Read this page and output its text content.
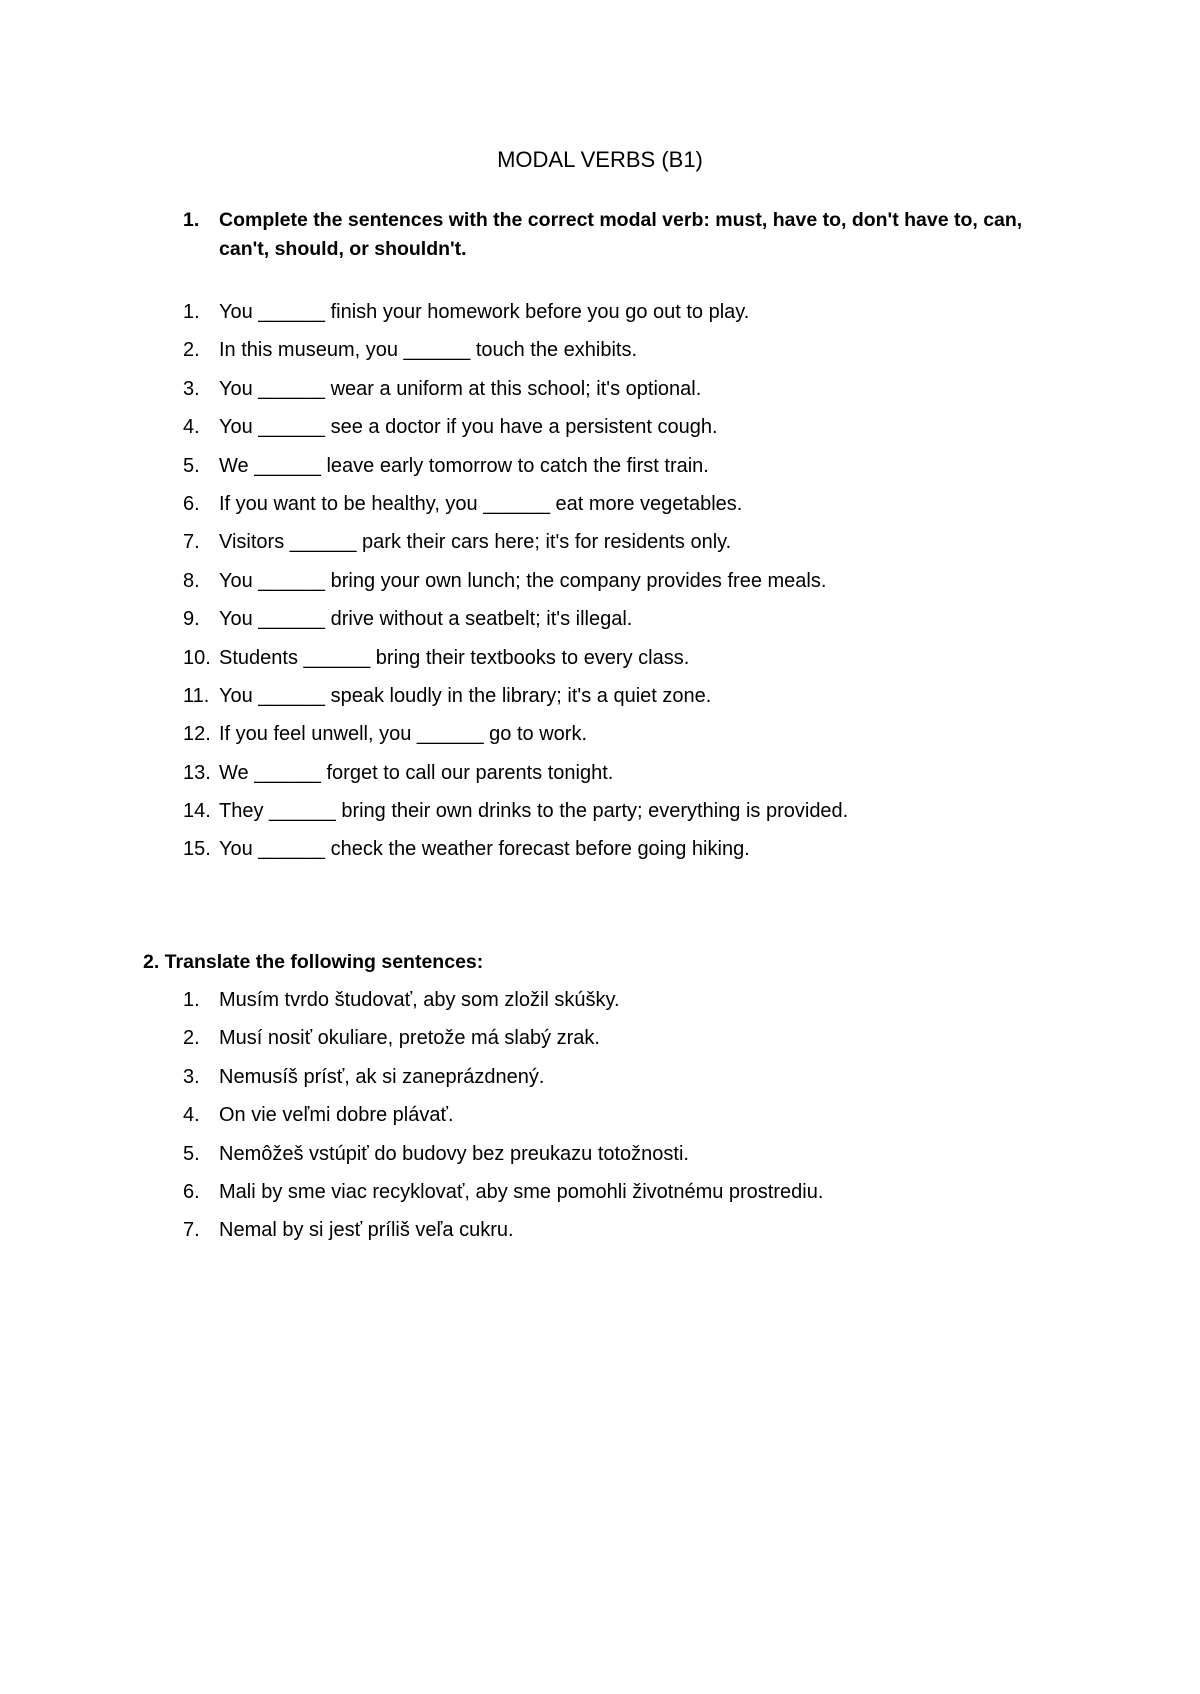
MODAL VERBS (B1)
1. Complete the sentences with the correct modal verb: must, have to, don't have to, can, can't, should, or shouldn't.
1. You ______ finish your homework before you go out to play.
2. In this museum, you ______ touch the exhibits.
3. You ______ wear a uniform at this school; it's optional.
4. You ______ see a doctor if you have a persistent cough.
5. We ______ leave early tomorrow to catch the first train.
6. If you want to be healthy, you ______ eat more vegetables.
7. Visitors ______ park their cars here; it's for residents only.
8. You ______ bring your own lunch; the company provides free meals.
9. You ______ drive without a seatbelt; it's illegal.
10. Students ______ bring their textbooks to every class.
11. You ______ speak loudly in the library; it's a quiet zone.
12. If you feel unwell, you ______ go to work.
13. We ______ forget to call our parents tonight.
14. They ______ bring their own drinks to the party; everything is provided.
15. You ______ check the weather forecast before going hiking.
2. Translate the following sentences:
1. Musím tvrdo študovať, aby som zložil skúšky.
2. Musí nosiť okuliare, pretože má slabý zrak.
3. Nemusíš prísť, ak si zaneprázdnený.
4. On vie veľmi dobre plávať.
5. Nemôžeš vstúpiť do budovy bez preukazu totožnosti.
6. Mali by sme viac recyklovať, aby sme pomohli životnému prostrediu.
7. Nemal by si jesť príliš veľa cukru.
